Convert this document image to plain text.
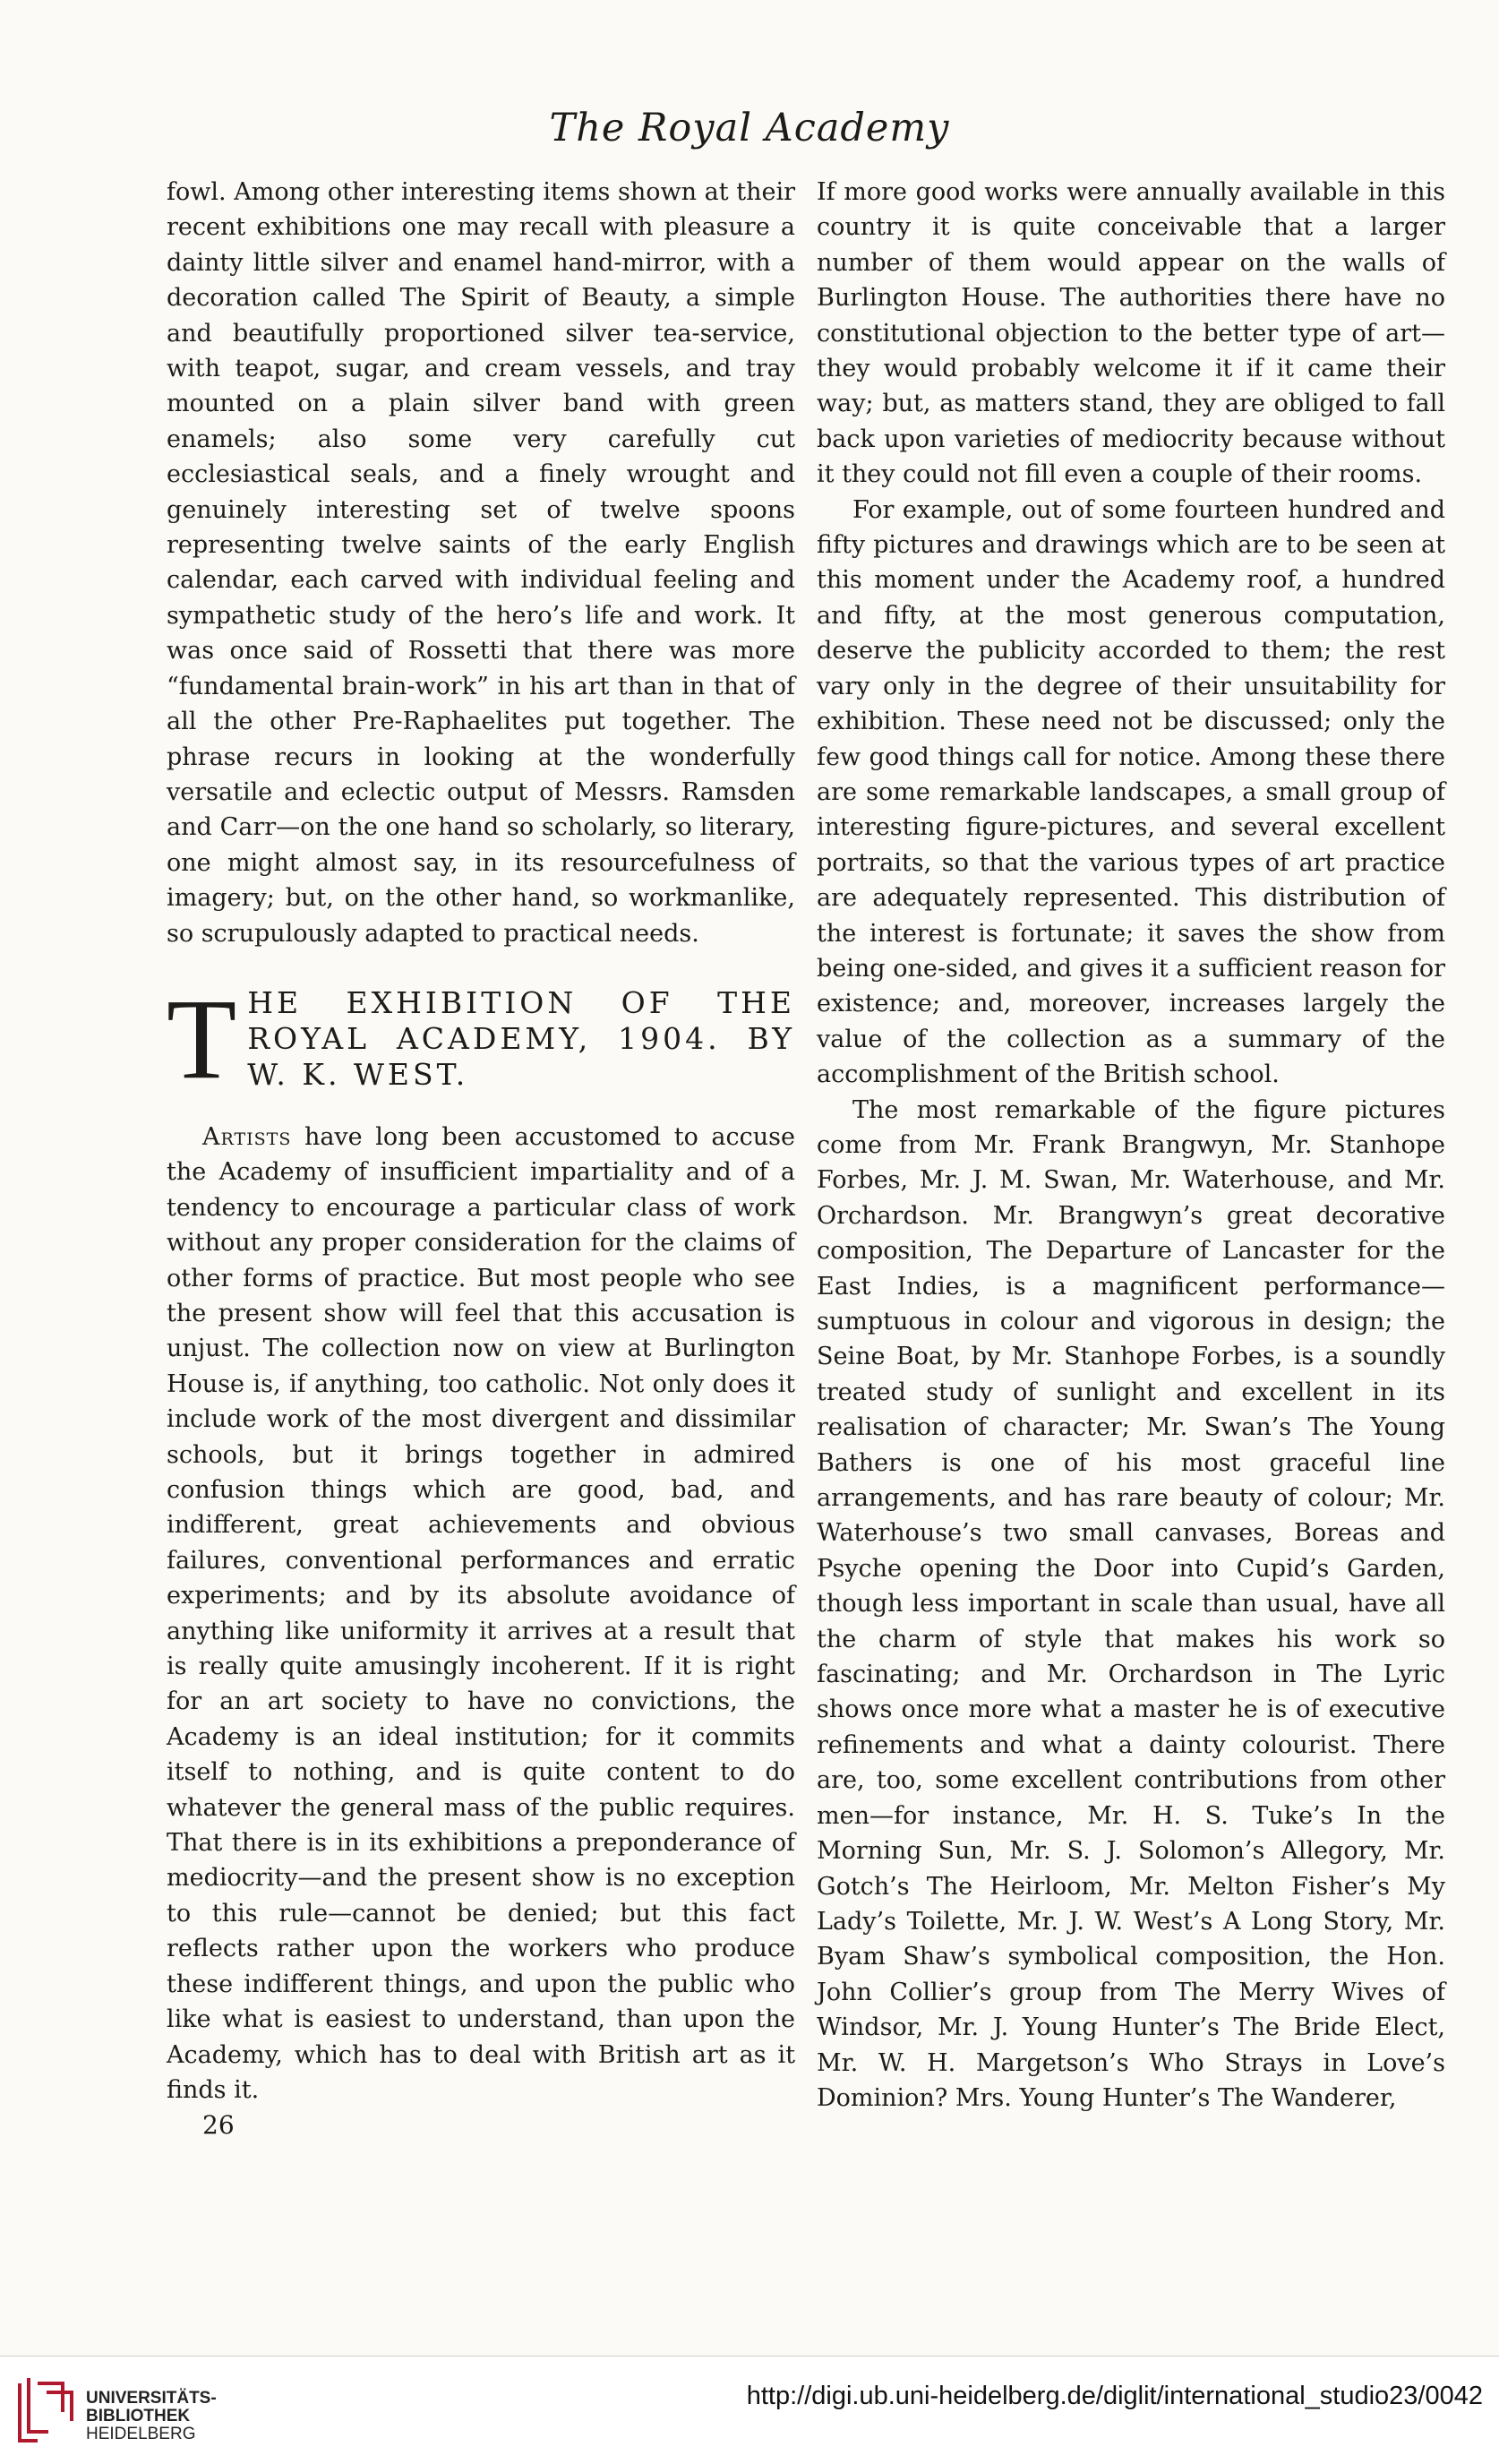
The Royal Academy

fowl. Among other interesting items shown at their recent exhibitions one may recall with pleasure a dainty little silver and enamel hand-mirror, with a decoration called The Spirit of Beauty, a simple and beautifully proportioned silver tea-service, with teapot, sugar, and cream vessels, and tray mounted on a plain silver band with green enamels; also some very carefully cut ecclesiastical seals, and a finely wrought and genuinely interesting set of twelve spoons representing twelve saints of the early English calendar, each carved with individual feeling and sympathetic study of the hero’s life and work. It was once said of Rossetti that there was more “fundamental brain-work” in his art than in that of all the other Pre-Raphaelites put together. The phrase recurs in looking at the wonderfully versatile and eclectic output of Messrs. Ramsden and Carr—on the one hand so scholarly, so literary, one might almost say, in its resourcefulness of imagery; but, on the other hand, so workmanlike, so scrupulously adapted to practical needs.

T HE EXHIBITION OF THE ROYAL ACADEMY, 1904. BY W. K. WEST.

Artists have long been accustomed to accuse the Academy of insufficient impartiality and of a tendency to encourage a particular class of work without any proper consideration for the claims of other forms of practice. But most people who see the present show will feel that this accusation is unjust. The collection now on view at Burlington House is, if anything, too catholic. Not only does it include work of the most divergent and dissimilar schools, but it brings together in admired confusion things which are good, bad, and indifferent, great achievements and obvious failures, conventional performances and erratic experiments; and by its absolute avoidance of anything like uniformity it arrives at a result that is really quite amusingly incoherent. If it is right for an art society to have no convictions, the Academy is an ideal institution; for it commits itself to nothing, and is quite content to do whatever the general mass of the public requires. That there is in its exhibitions a preponderance of mediocrity—and the present show is no exception to this rule—cannot be denied; but this fact reflects rather upon the workers who produce these indifferent things, and upon the public who like what is easiest to understand, than upon the Academy, which has to deal with British art as it finds it.

26

If more good works were annually available in this country it is quite conceivable that a larger number of them would appear on the walls of Burlington House. The authorities there have no constitutional objection to the better type of art—they would probably welcome it if it came their way; but, as matters stand, they are obliged to fall back upon varieties of mediocrity because without it they could not fill even a couple of their rooms.

For example, out of some fourteen hundred and fifty pictures and drawings which are to be seen at this moment under the Academy roof, a hundred and fifty, at the most generous computation, deserve the publicity accorded to them; the rest vary only in the degree of their unsuitability for exhibition. These need not be discussed; only the few good things call for notice. Among these there are some remarkable landscapes, a small group of interesting figure-pictures, and several excellent portraits, so that the various types of art practice are adequately represented. This distribution of the interest is fortunate; it saves the show from being one-sided, and gives it a sufficient reason for existence; and, moreover, increases largely the value of the collection as a summary of the accomplishment of the British school.

The most remarkable of the figure pictures come from Mr. Frank Brangwyn, Mr. Stanhope Forbes, Mr. J. M. Swan, Mr. Waterhouse, and Mr. Orchardson. Mr. Brangwyn’s great decorative composition, The Departure of Lancaster for the East Indies, is a magnificent performance—sumptuous in colour and vigorous in design; the Seine Boat, by Mr. Stanhope Forbes, is a soundly treated study of sunlight and excellent in its realisation of character; Mr. Swan’s The Young Bathers is one of his most graceful line arrangements, and has rare beauty of colour; Mr. Waterhouse’s two small canvases, Boreas and Psyche opening the Door into Cupid’s Garden, though less important in scale than usual, have all the charm of style that makes his work so fascinating; and Mr. Orchardson in The Lyric shows once more what a master he is of executive refinements and what a dainty colourist. There are, too, some excellent contributions from other men—for instance, Mr. H. S. Tuke’s In the Morning Sun, Mr. S. J. Solomon’s Allegory, Mr. Gotch’s The Heirloom, Mr. Melton Fisher’s My Lady’s Toilette, Mr. J. W. West’s A Long Story, Mr. Byam Shaw’s symbolical composition, the Hon. John Collier’s group from The Merry Wives of Windsor, Mr. J. Young Hunter’s The Bride Elect, Mr. W. H. Margetson’s Who Strays in Love’s Dominion? Mrs. Young Hunter’s The Wanderer,

UNIVERSITÄTS-
BIBLIOTHEK
HEIDELBERG
http://digi.ub.uni-heidelberg.de/diglit/international_studio23/0042
